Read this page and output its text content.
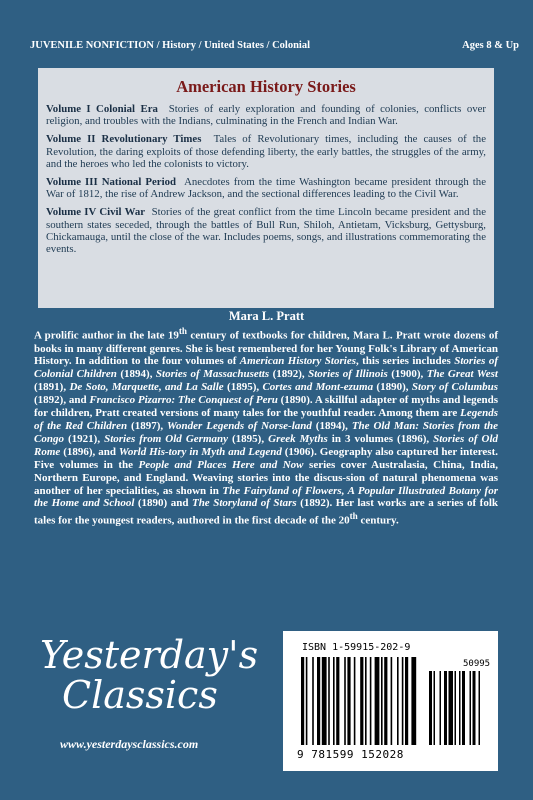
JUVENILE NONFICTION / History / United States / Colonial	Ages 8 & Up
American History Stories

Volume I Colonial Era Stories of early exploration and founding of colonies, conflicts over religion, and troubles with the Indians, culminating in the French and Indian War.

Volume II Revolutionary Times Tales of Revolutionary times, including the causes of the Revolution, the daring exploits of those defending liberty, the early battles, the struggles of the army, and the heroes who led the colonists to victory.

Volume III National Period Anecdotes from the time Washington became president through the War of 1812, the rise of Andrew Jackson, and the sectional differences leading to the Civil War.

Volume IV Civil War Stories of the great conflict from the time Lincoln became president and the southern states seceded, through the battles of Bull Run, Shiloh, Antietam, Vicksburg, Gettysburg, Chickamauga, until the close of the war. Includes poems, songs, and illustrations commemorating the events.

Mara L. Pratt

A prolific author in the late 19th century of textbooks for children, Mara L. Pratt wrote dozens of books in many different genres. She is best remembered for her Young Folk's Library of American History. In addition to the four volumes of American History Stories, this series includes Stories of Colonial Children (1894), Stories of Massachusetts (1892), Stories of Illinois (1900), The Great West (1891), De Soto, Marquette, and La Salle (1895), Cortes and Mont-ezuma (1890), Story of Columbus (1892), and Francisco Pizarro: The Conquest of Peru (1890). A skillful adapter of myths and legends for children, Pratt created versions of many tales for the youthful reader. Among them are Legends of the Red Children (1897), Wonder Legends of Norse-land (1894), The Old Man: Stories from the Congo (1921), Stories from Old Germany (1895), Greek Myths in 3 volumes (1896), Stories of Old Rome (1896), and World His-tory in Myth and Legend (1906). Geography also captured her interest. Five volumes in the People and Places Here and Now series cover Australasia, China, India, Northern Europe, and England. Weaving stories into the discus-sion of natural phenomena was another of her specialities, as shown in The Fairyland of Flowers, A Popular Illustrated Botany for the Home and School (1890) and The Storyland of Stars (1892). Her last works are a series of folk tales for the youngest readers, authored in the first decade of the 20th century.

Yesterday's
Classics
www.yesterdaysclassics.com
ISBN 1-59915-202-9
50995
9 781599 152028
